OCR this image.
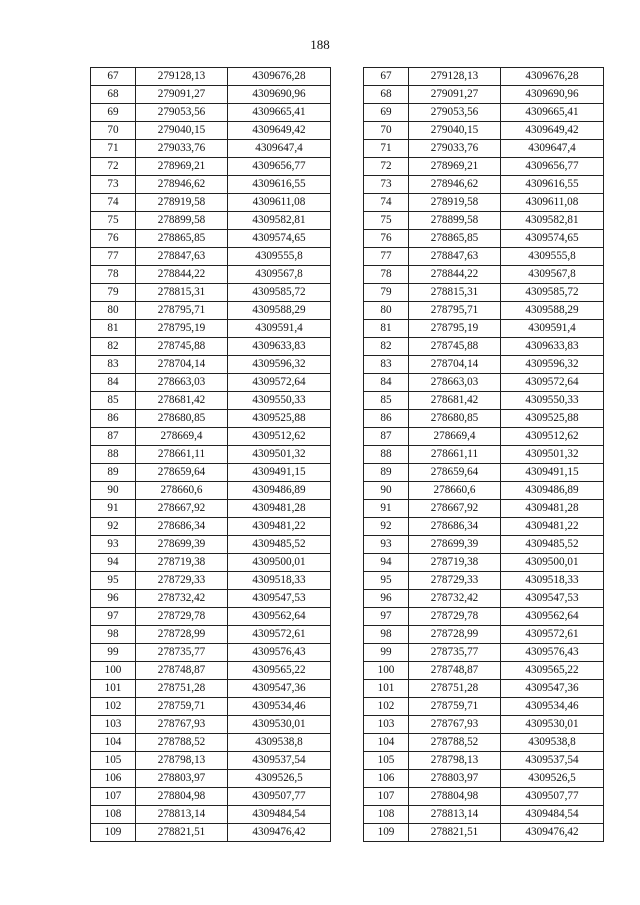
188
67	279128,13	4309676,28
68	279091,27	4309690,96
69	279053,56	4309665,41
70	279040,15	4309649,42
71	279033,76	4309647,4
72	278969,21	4309656,77
73	278946,62	4309616,55
74	278919,58	4309611,08
75	278899,58	4309582,81
76	278865,85	4309574,65
77	278847,63	4309555,8
78	278844,22	4309567,8
79	278815,31	4309585,72
80	278795,71	4309588,29
81	278795,19	4309591,4
82	278745,88	4309633,83
83	278704,14	4309596,32
84	278663,03	4309572,64
85	278681,42	4309550,33
86	278680,85	4309525,88
87	278669,4	4309512,62
88	278661,11	4309501,32
89	278659,64	4309491,15
90	278660,6	4309486,89
91	278667,92	4309481,28
92	278686,34	4309481,22
93	278699,39	4309485,52
94	278719,38	4309500,01
95	278729,33	4309518,33
96	278732,42	4309547,53
97	278729,78	4309562,64
98	278728,99	4309572,61
99	278735,77	4309576,43
100	278748,87	4309565,22
101	278751,28	4309547,36
102	278759,71	4309534,46
103	278767,93	4309530,01
104	278788,52	4309538,8
105	278798,13	4309537,54
106	278803,97	4309526,5
107	278804,98	4309507,77
108	278813,14	4309484,54
109	278821,51	4309476,42
67	279128,13	4309676,28
68	279091,27	4309690,96
69	279053,56	4309665,41
70	279040,15	4309649,42
71	279033,76	4309647,4
72	278969,21	4309656,77
73	278946,62	4309616,55
74	278919,58	4309611,08
75	278899,58	4309582,81
76	278865,85	4309574,65
77	278847,63	4309555,8
78	278844,22	4309567,8
79	278815,31	4309585,72
80	278795,71	4309588,29
81	278795,19	4309591,4
82	278745,88	4309633,83
83	278704,14	4309596,32
84	278663,03	4309572,64
85	278681,42	4309550,33
86	278680,85	4309525,88
87	278669,4	4309512,62
88	278661,11	4309501,32
89	278659,64	4309491,15
90	278660,6	4309486,89
91	278667,92	4309481,28
92	278686,34	4309481,22
93	278699,39	4309485,52
94	278719,38	4309500,01
95	278729,33	4309518,33
96	278732,42	4309547,53
97	278729,78	4309562,64
98	278728,99	4309572,61
99	278735,77	4309576,43
100	278748,87	4309565,22
101	278751,28	4309547,36
102	278759,71	4309534,46
103	278767,93	4309530,01
104	278788,52	4309538,8
105	278798,13	4309537,54
106	278803,97	4309526,5
107	278804,98	4309507,77
108	278813,14	4309484,54
109	278821,51	4309476,42
